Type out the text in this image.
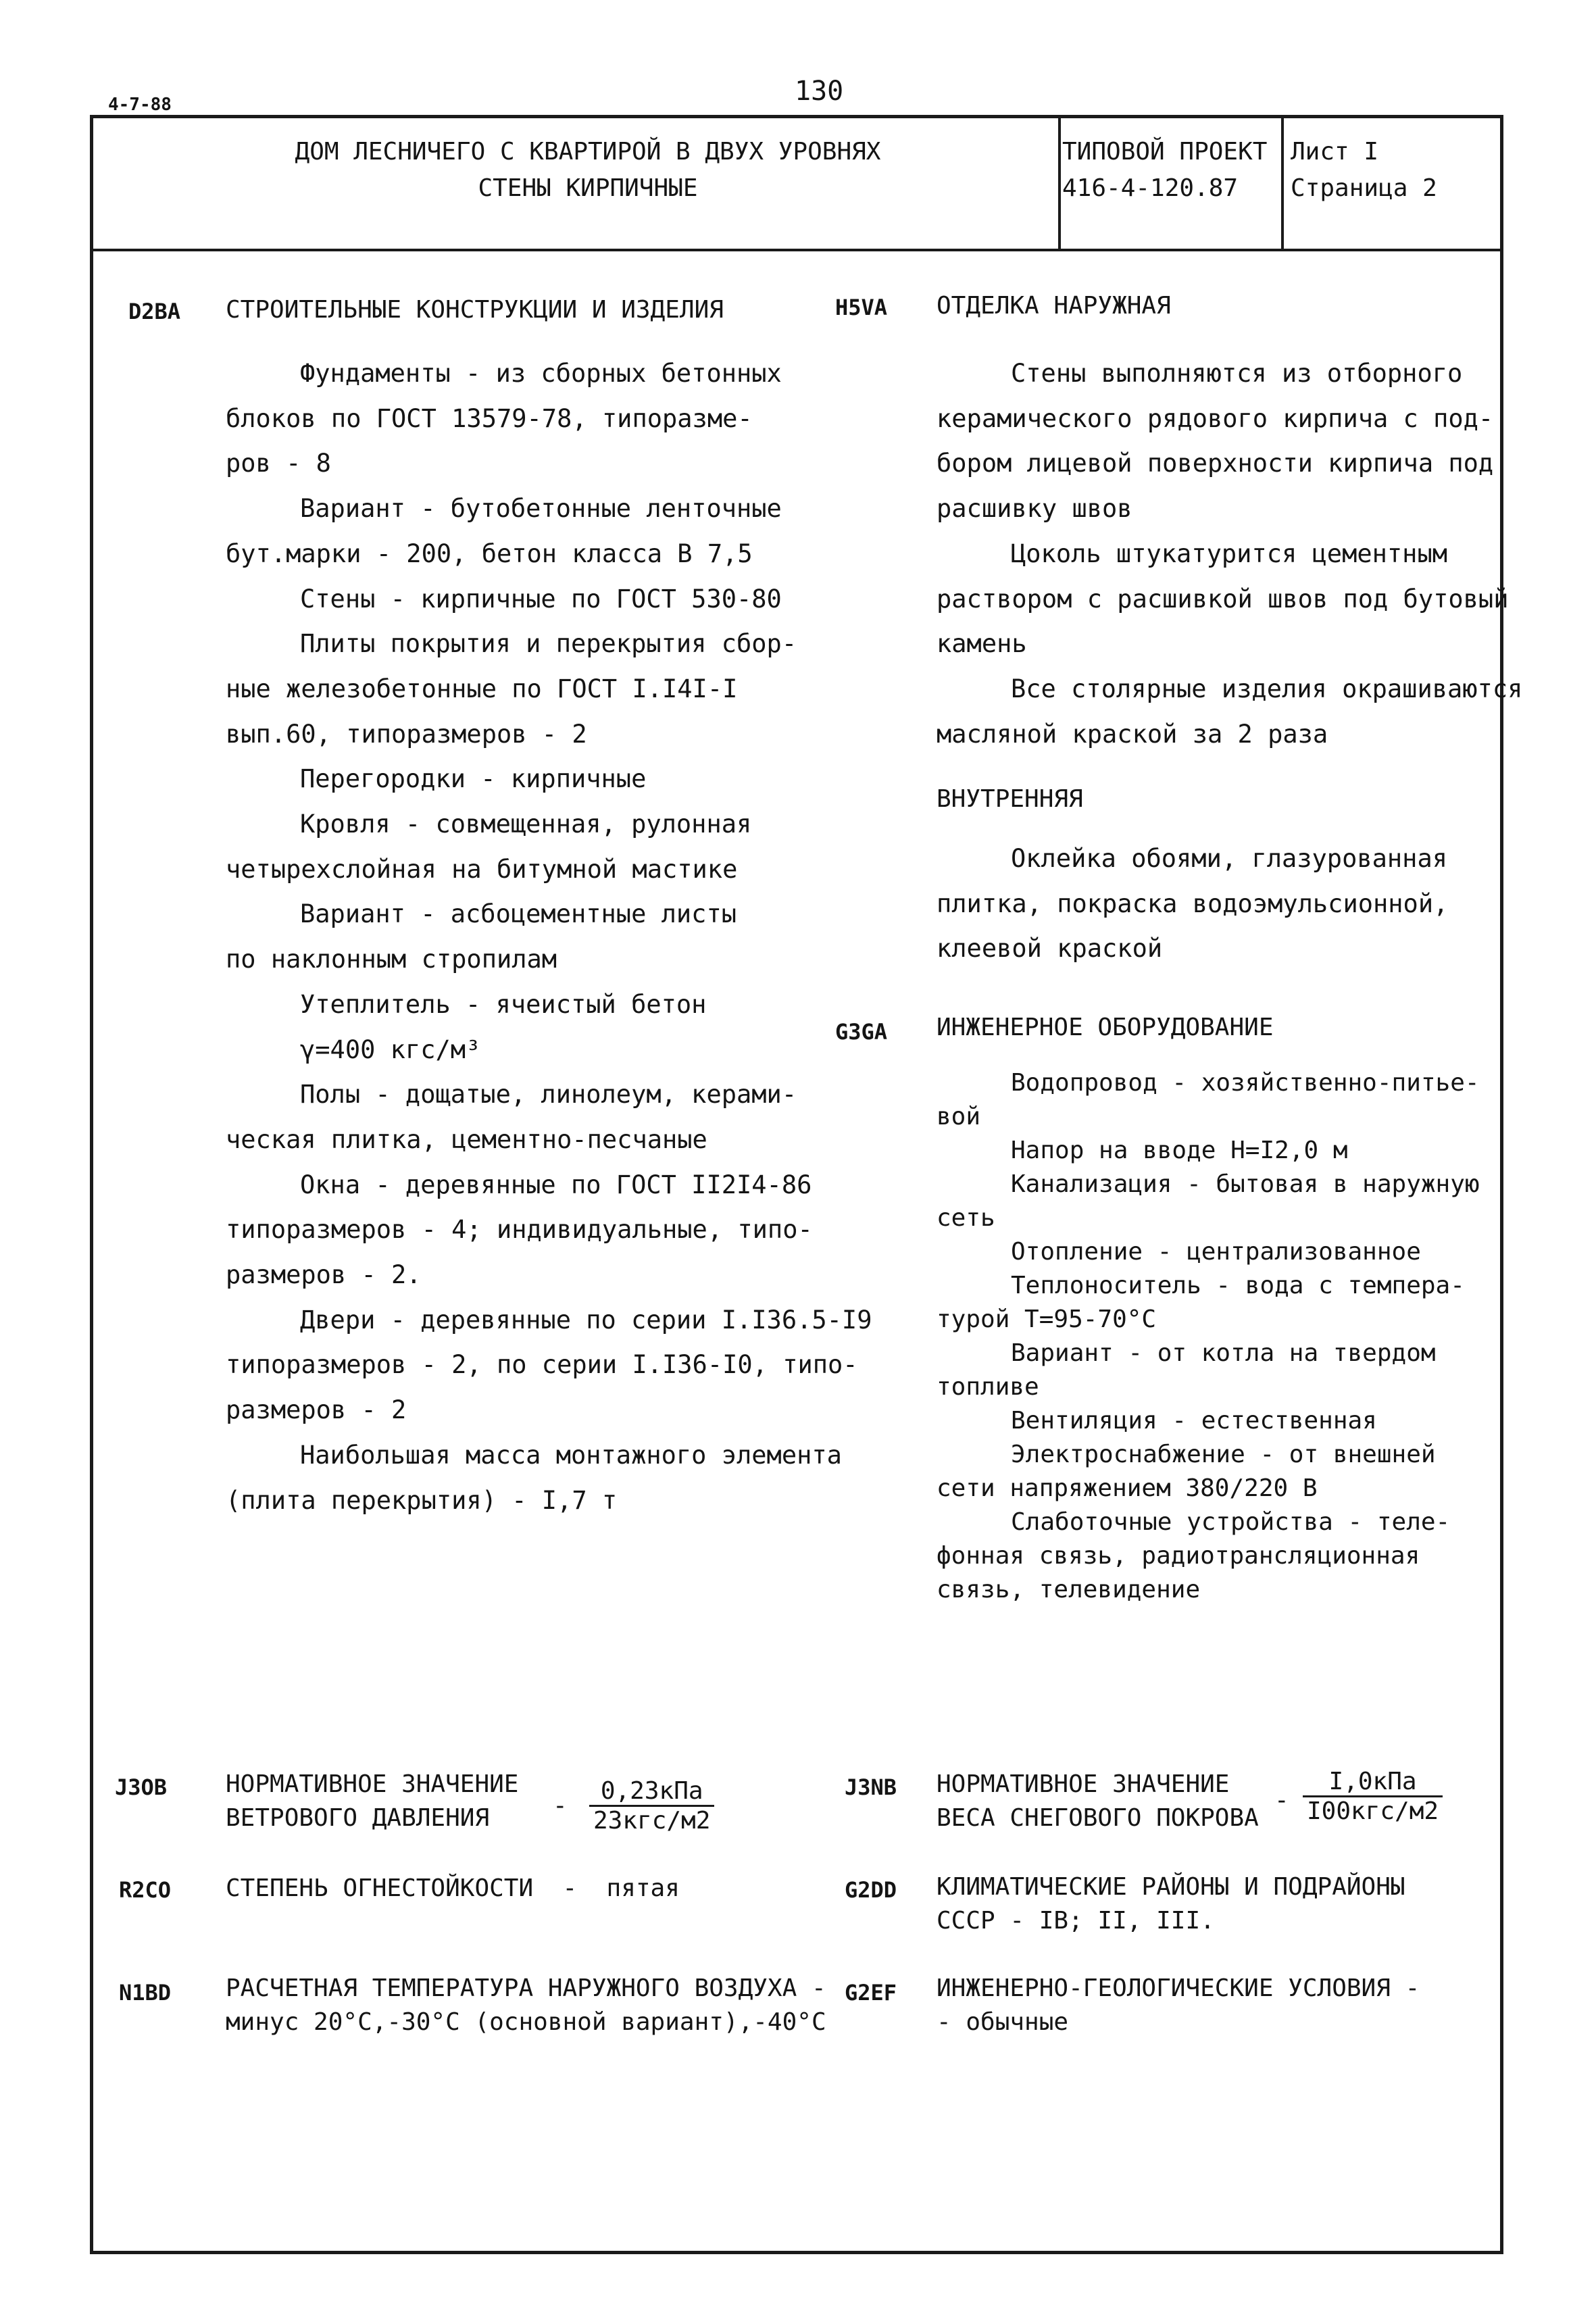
4-7-88	130
ДОМ ЛЕСНИЧЕГО С КВАРТИРОЙ В ДВУХ УРОВНЯХ
СТЕНЫ КИРПИЧНЫЕ
ТИПОВОЙ ПРОЕКТ
416-4-120.87
Лист I
Страница 2
D2BA СТРОИТЕЛЬНЫЕ КОНСТРУКЦИИ И ИЗДЕЛИЯ
Фундаменты - из сборных бетонных
блоков по ГОСТ 13579-78, типоразме-
ров - 8
Вариант - бутобетонные ленточные
бут.марки - 200, бетон класса В 7,5
Стены - кирпичные по ГОСТ 530-80
Плиты покрытия и перекрытия сбор-
ные железобетонные по ГОСТ I.I4I-I
вып.60, типоразмеров - 2
Перегородки - кирпичные
Кровля - совмещенная, рулонная
четырехслойная на битумной мастике
Вариант - асбоцементные листы
по наклонным стропилам
Утеплитель - ячеистый бетон
γ=400 кгс/м³
Полы - дощатые, линолеум, керами-
ческая плитка, цементно-песчаные
Окна - деревянные по ГОСТ II2I4-86
типоразмеров - 4; индивидуальные, типо-
размеров - 2.
Двери - деревянные по серии I.I36.5-I9
типоразмеров - 2, по серии I.I36-I0, типо-
размеров - 2
Наибольшая масса монтажного элемента
(плита перекрытия) - I,7 т
H5VA ОТДЕЛКА НАРУЖНАЯ
Стены выполняются из отборного
керамического рядового кирпича с под-
бором лицевой поверхности кирпича под
расшивку швов
Цоколь штукатурится цементным
раствором с расшивкой швов под бутовый
камень
Все столярные изделия окрашиваются
масляной краской за 2 раза
ВНУТРЕННЯЯ
Оклейка обоями, глазурованная
плитка, покраска водоэмульсионной,
клеевой краской
G3GA ИНЖЕНЕРНОЕ ОБОРУДОВАНИЕ
Водопровод - хозяйственно-питье-
вой
Напор на вводе Н=I2,0 м
Канализация - бытовая в наружную
сеть
Отопление - централизованное
Теплоноситель - вода с темпера-
турой Т=95-70°С
Вариант - от котла на твердом
топливе
Вентиляция - естественная
Электроснабжение - от внешней
сети напряжением 380/220 В
Слаботочные устройства - теле-
фонная связь, радиотрансляционная
связь, телевидение
J3OB НОРМАТИВНОЕ ЗНАЧЕНИЕ
ВЕТРОВОГО ДАВЛЕНИЯ	-
0,23кПа
23кгс/м2
J3NB НОРМАТИВНОЕ ЗНАЧЕНИЕ
ВЕСА СНЕГОВОГО ПОКРОВА
-
I,0кПа
I00кгс/м2
R2CO СТЕПЕНЬ ОГНЕСТОЙКОСТИ  -  пятая	G2DD КЛИМАТИЧЕСКИЕ РАЙОНЫ И ПОДРАЙОНЫ
СССР - IВ; II, III.
N1BD РАСЧЕТНАЯ ТЕМПЕРАТУРА НАРУЖНОГО ВОЗДУХА -
минус 20°С,-30°С (основной вариант),-40°С
G2EF ИНЖЕНЕРНО-ГЕОЛОГИЧЕСКИЕ УСЛОВИЯ -
- обычные
